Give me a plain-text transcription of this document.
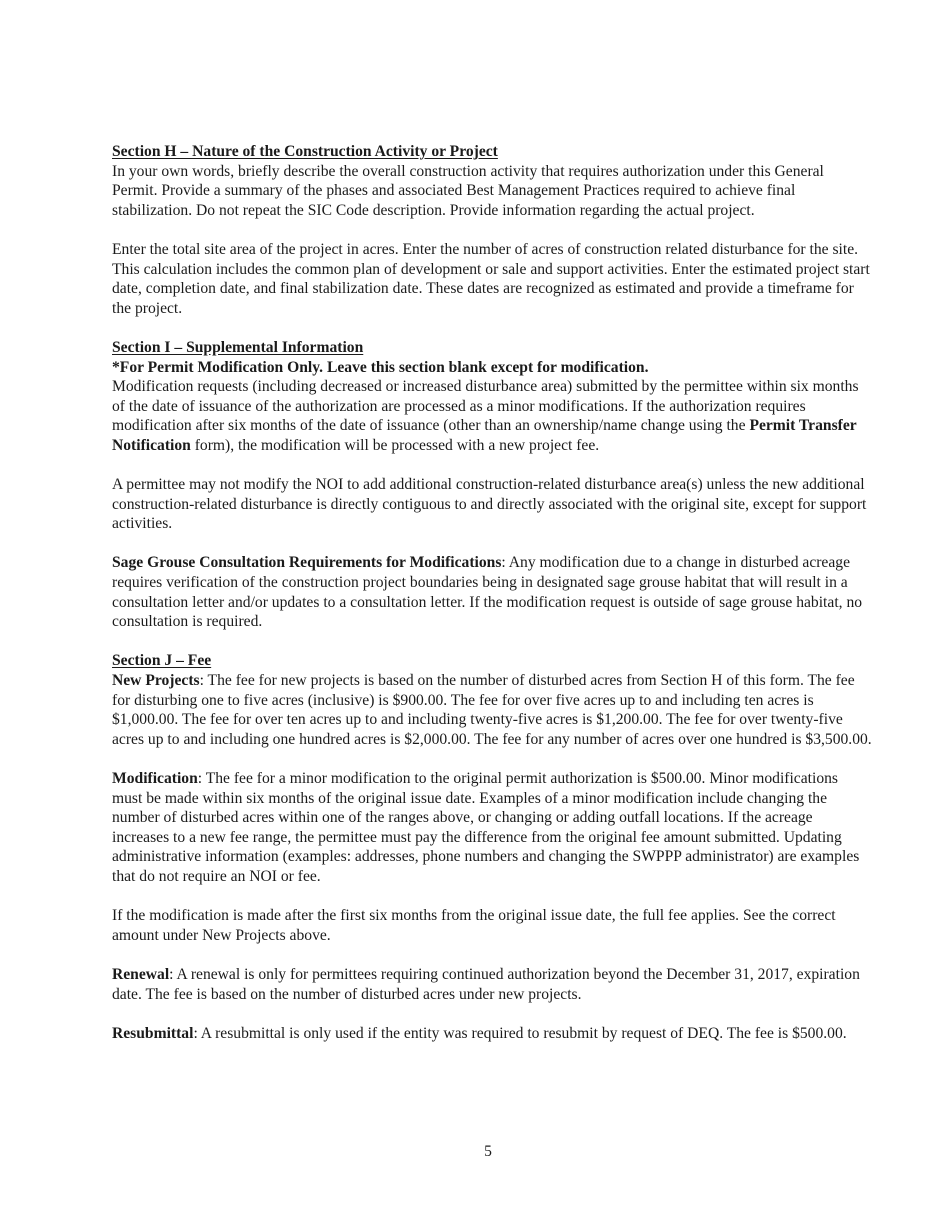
Section H – Nature of the Construction Activity or Project

In your own words, briefly describe the overall construction activity that requires authorization under this General Permit. Provide a summary of the phases and associated Best Management Practices required to achieve final stabilization. Do not repeat the SIC Code description. Provide information regarding the actual project.

Enter the total site area of the project in acres. Enter the number of acres of construction related disturbance for the site. This calculation includes the common plan of development or sale and support activities. Enter the estimated project start date, completion date, and final stabilization date. These dates are recognized as estimated and provide a timeframe for the project.

Section I – Supplemental Information

*For Permit Modification Only. Leave this section blank except for modification.

Modification requests (including decreased or increased disturbance area) submitted by the permittee within six months of the date of issuance of the authorization are processed as a minor modifications. If the authorization requires modification after six months of the date of issuance (other than an ownership/name change using the Permit Transfer Notification form), the modification will be processed with a new project fee.

A permittee may not modify the NOI to add additional construction-related disturbance area(s) unless the new additional construction-related disturbance is directly contiguous to and directly associated with the original site, except for support activities.

Sage Grouse Consultation Requirements for Modifications: Any modification due to a change in disturbed acreage requires verification of the construction project boundaries being in designated sage grouse habitat that will result in a consultation letter and/or updates to a consultation letter. If the modification request is outside of sage grouse habitat, no consultation is required.

Section J – Fee

New Projects: The fee for new projects is based on the number of disturbed acres from Section H of this form. The fee for disturbing one to five acres (inclusive) is $900.00. The fee for over five acres up to and including ten acres is $1,000.00. The fee for over ten acres up to and including twenty-five acres is $1,200.00. The fee for over twenty-five acres up to and including one hundred acres is $2,000.00. The fee for any number of acres over one hundred is $3,500.00.

Modification: The fee for a minor modification to the original permit authorization is $500.00. Minor modifications must be made within six months of the original issue date. Examples of a minor modification include changing the number of disturbed acres within one of the ranges above, or changing or adding outfall locations. If the acreage increases to a new fee range, the permittee must pay the difference from the original fee amount submitted. Updating administrative information (examples: addresses, phone numbers and changing the SWPPP administrator) are examples that do not require an NOI or fee.

If the modification is made after the first six months from the original issue date, the full fee applies. See the correct amount under New Projects above.

Renewal: A renewal is only for permittees requiring continued authorization beyond the December 31, 2017, expiration date. The fee is based on the number of disturbed acres under new projects.

Resubmittal: A resubmittal is only used if the entity was required to resubmit by request of DEQ. The fee is $500.00.

5
